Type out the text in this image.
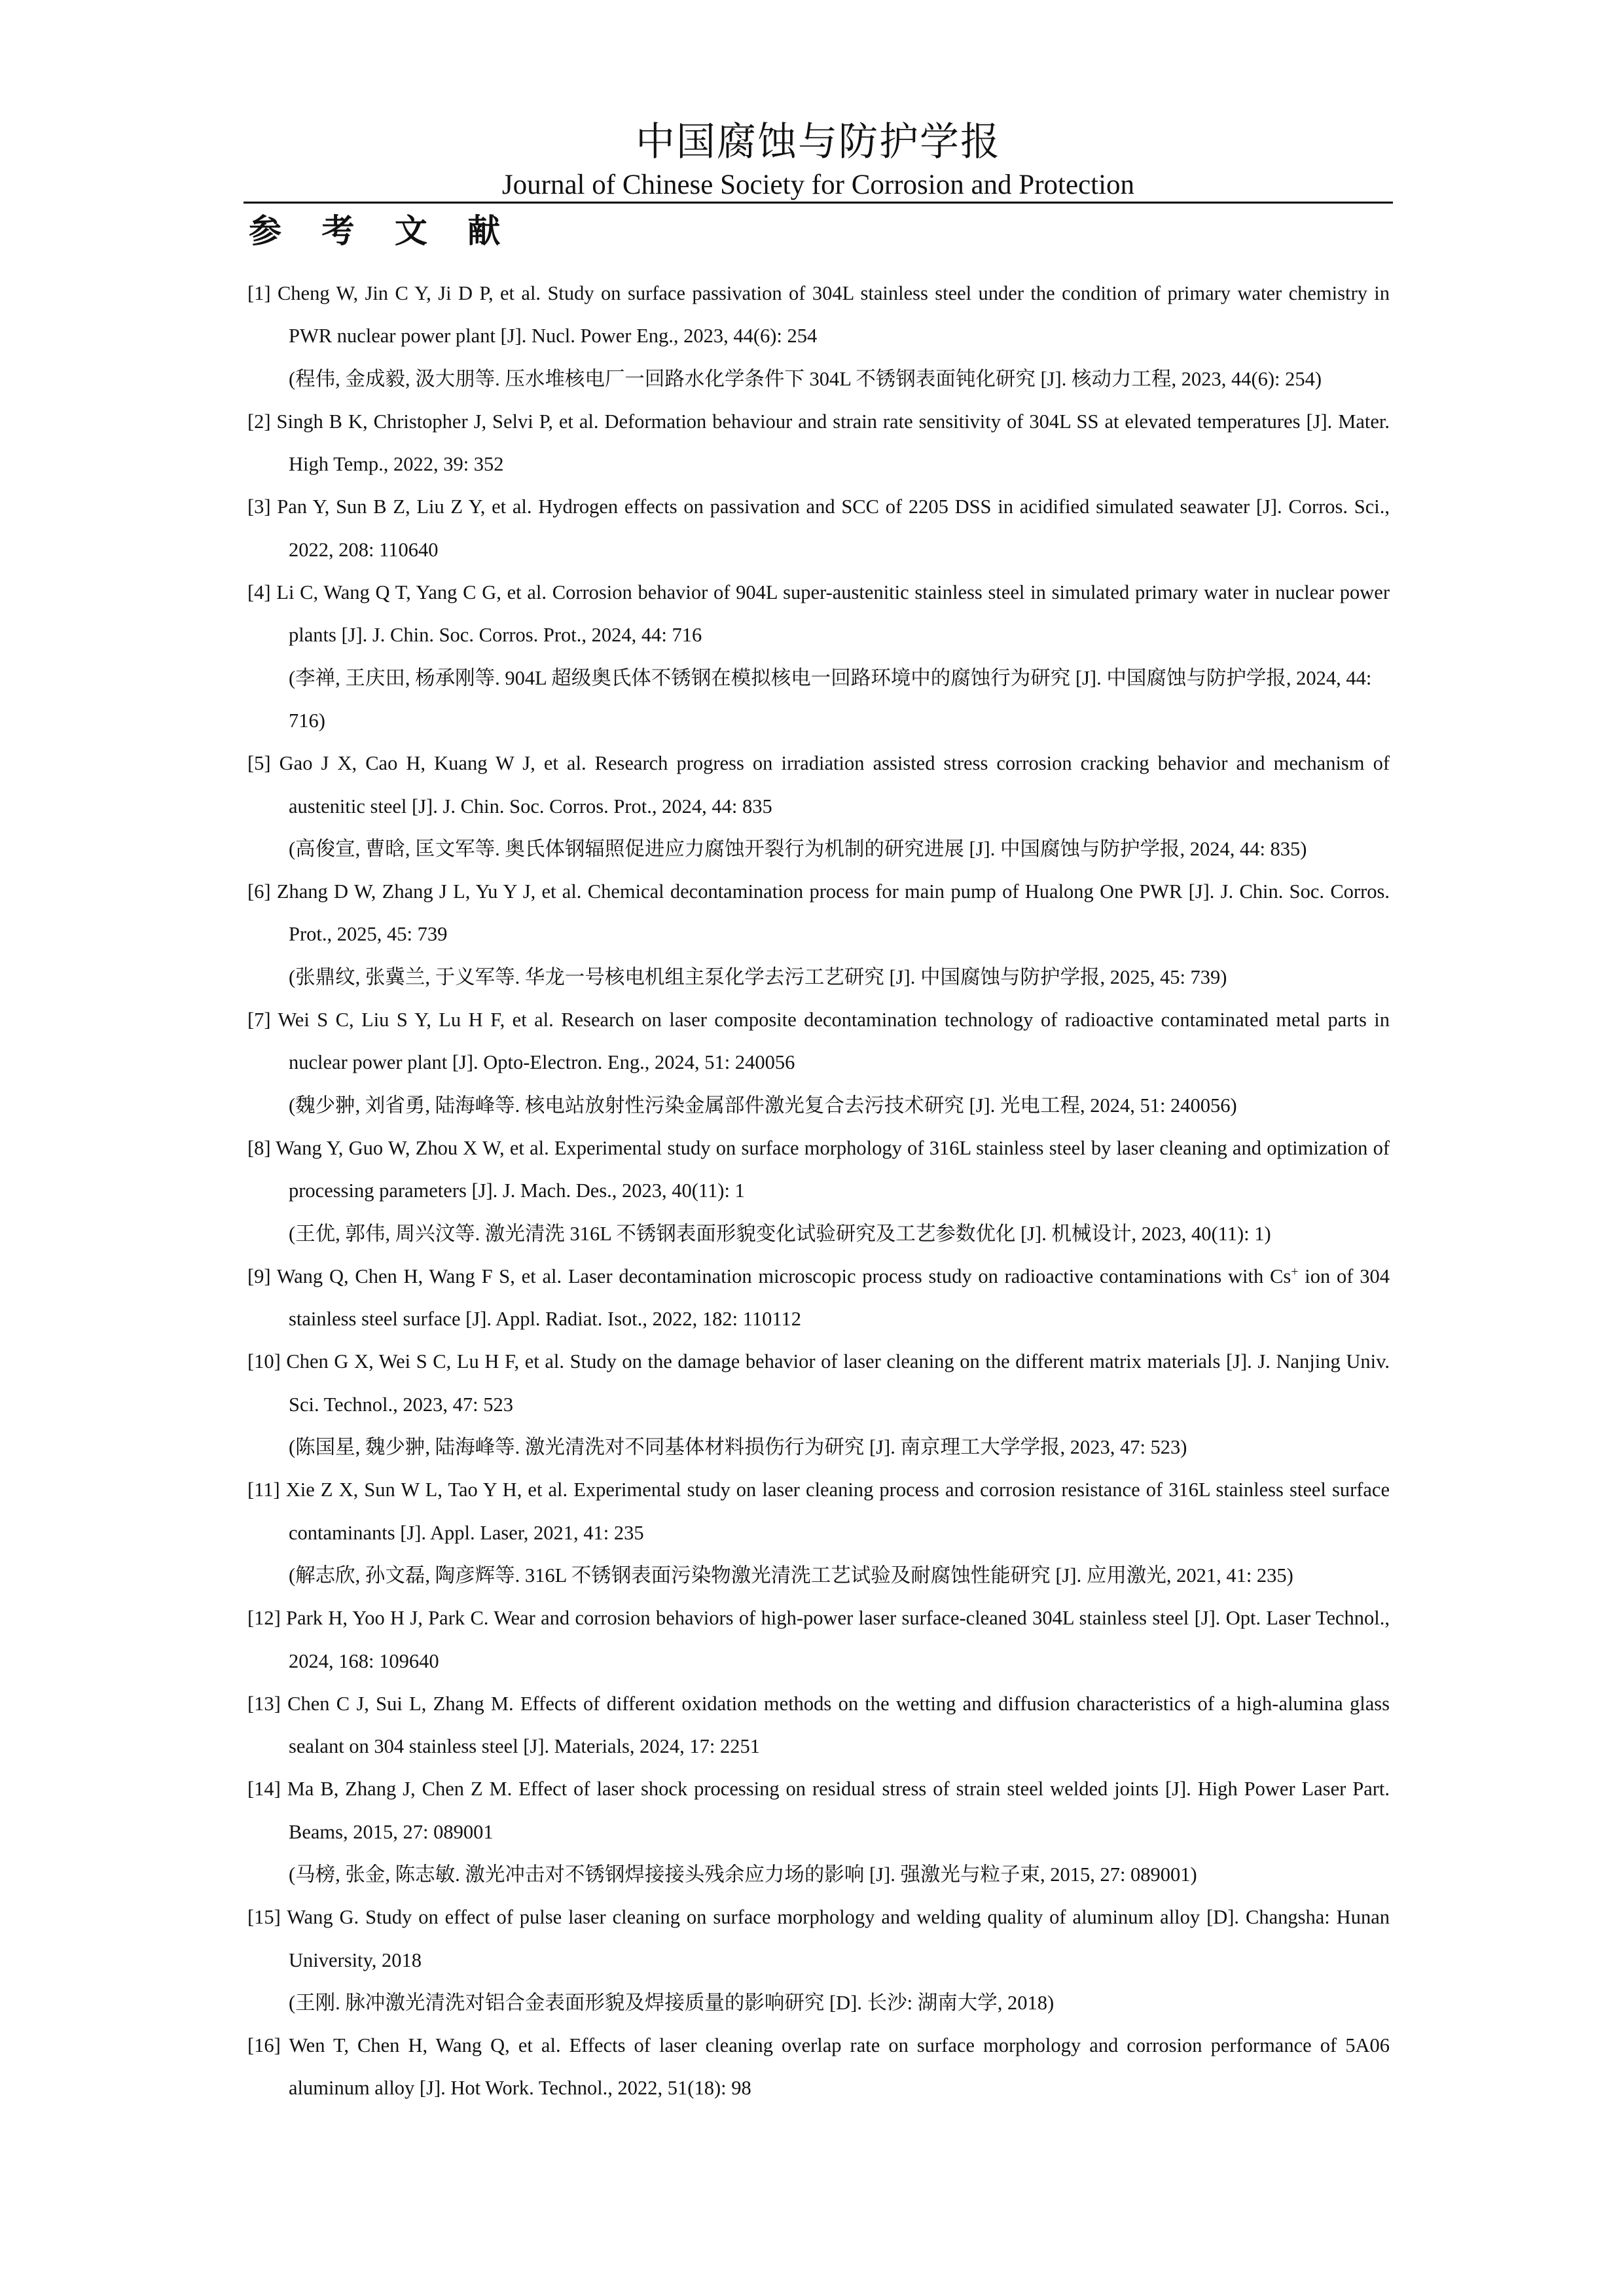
中国腐蚀与防护学报
Journal of Chinese Society for Corrosion and Protection
参 考 文 献
[1] Cheng W, Jin C Y, Ji D P, et al. Study on surface passivation of 304L stainless steel under the condition of primary water chemistry in PWR nuclear power plant [J]. Nucl. Power Eng., 2023, 44(6): 254
(程伟, 金成毅, 汲大朋等. 压水堆核电厂一回路水化学条件下 304L 不锈钢表面钝化研究 [J]. 核动力工程, 2023, 44(6): 254)
[2] Singh B K, Christopher J, Selvi P, et al. Deformation behaviour and strain rate sensitivity of 304L SS at elevated temperatures [J]. Mater. High Temp., 2022, 39: 352
[3] Pan Y, Sun B Z, Liu Z Y, et al. Hydrogen effects on passivation and SCC of 2205 DSS in acidified simulated seawater [J]. Corros. Sci., 2022, 208: 110640
[4] Li C, Wang Q T, Yang C G, et al. Corrosion behavior of 904L super-austenitic stainless steel in simulated primary water in nuclear power plants [J]. J. Chin. Soc. Corros. Prot., 2024, 44: 716
(李禅, 王庆田, 杨承刚等. 904L 超级奥氏体不锈钢在模拟核电一回路环境中的腐蚀行为研究 [J]. 中国腐蚀与防护学报, 2024, 44: 716)
[5] Gao J X, Cao H, Kuang W J, et al. Research progress on irradiation assisted stress corrosion cracking behavior and mechanism of austenitic steel [J]. J. Chin. Soc. Corros. Prot., 2024, 44: 835
(高俊宣, 曹晗, 匡文军等. 奥氏体钢辐照促进应力腐蚀开裂行为机制的研究进展 [J]. 中国腐蚀与防护学报, 2024, 44: 835)
[6] Zhang D W, Zhang J L, Yu Y J, et al. Chemical decontamination process for main pump of Hualong One PWR [J]. J. Chin. Soc. Corros. Prot., 2025, 45: 739
(张鼎纹, 张冀兰, 于义军等. 华龙一号核电机组主泵化学去污工艺研究 [J]. 中国腐蚀与防护学报, 2025, 45: 739)
[7] Wei S C, Liu S Y, Lu H F, et al. Research on laser composite decontamination technology of radioactive contaminated metal parts in nuclear power plant [J]. Opto-Electron. Eng., 2024, 51: 240056
(魏少翀, 刘省勇, 陆海峰等. 核电站放射性污染金属部件激光复合去污技术研究 [J]. 光电工程, 2024, 51: 240056)
[8] Wang Y, Guo W, Zhou X W, et al. Experimental study on surface morphology of 316L stainless steel by laser cleaning and optimization of processing parameters [J]. J. Mach. Des., 2023, 40(11): 1
(王优, 郭伟, 周兴汶等. 激光清洗 316L 不锈钢表面形貌变化试验研究及工艺参数优化 [J]. 机械设计, 2023, 40(11): 1)
[9] Wang Q, Chen H, Wang F S, et al. Laser decontamination microscopic process study on radioactive contaminations with Cs+ ion of 304 stainless steel surface [J]. Appl. Radiat. Isot., 2022, 182: 110112
[10] Chen G X, Wei S C, Lu H F, et al. Study on the damage behavior of laser cleaning on the different matrix materials [J]. J. Nanjing Univ. Sci. Technol., 2023, 47: 523
(陈国星, 魏少翀, 陆海峰等. 激光清洗对不同基体材料损伤行为研究 [J]. 南京理工大学学报, 2023, 47: 523)
[11] Xie Z X, Sun W L, Tao Y H, et al. Experimental study on laser cleaning process and corrosion resistance of 316L stainless steel surface contaminants [J]. Appl. Laser, 2021, 41: 235
(解志欣, 孙文磊, 陶彦辉等. 316L 不锈钢表面污染物激光清洗工艺试验及耐腐蚀性能研究 [J]. 应用激光, 2021, 41: 235)
[12] Park H, Yoo H J, Park C. Wear and corrosion behaviors of high-power laser surface-cleaned 304L stainless steel [J]. Opt. Laser Technol., 2024, 168: 109640
[13] Chen C J, Sui L, Zhang M. Effects of different oxidation methods on the wetting and diffusion characteristics of a high-alumina glass sealant on 304 stainless steel [J]. Materials, 2024, 17: 2251
[14] Ma B, Zhang J, Chen Z M. Effect of laser shock processing on residual stress of strain steel welded joints [J]. High Power Laser Part. Beams, 2015, 27: 089001
(马榜, 张金, 陈志敏. 激光冲击对不锈钢焊接接头残余应力场的影响 [J]. 强激光与粒子束, 2015, 27: 089001)
[15] Wang G. Study on effect of pulse laser cleaning on surface morphology and welding quality of aluminum alloy [D]. Changsha: Hunan University, 2018
(王刚. 脉冲激光清洗对铝合金表面形貌及焊接质量的影响研究 [D]. 长沙: 湖南大学, 2018)
[16] Wen T, Chen H, Wang Q, et al. Effects of laser cleaning overlap rate on surface morphology and corrosion performance of 5A06 aluminum alloy [J]. Hot Work. Technol., 2022, 51(18): 98
